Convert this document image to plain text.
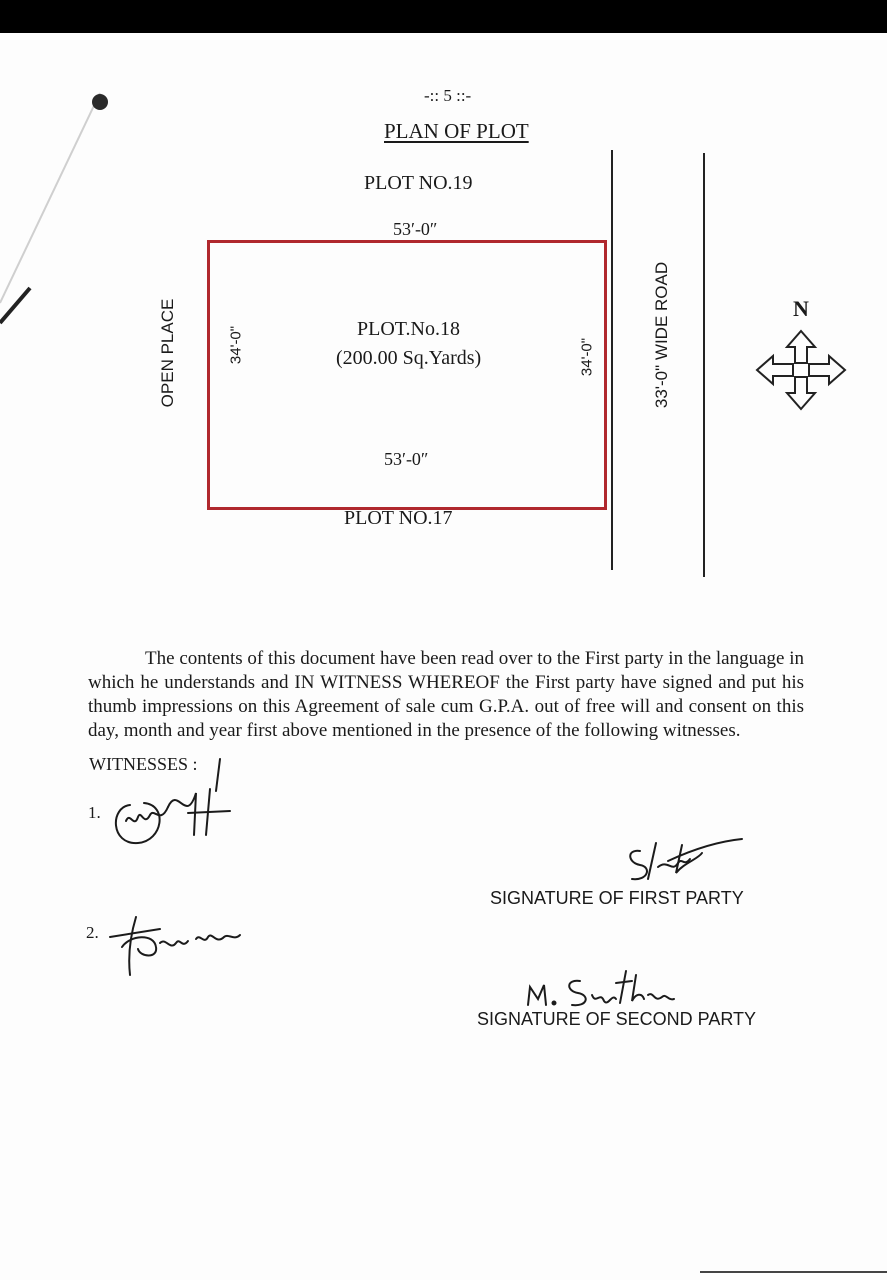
-:: 5 ::-
PLAN OF PLOT
PLOT NO.19
53′-0″
53′-0″
PLOT.No.18
(200.00 Sq.Yards)
34'-0"	34'-0"
OPEN PLACE	33'-0" WIDE ROAD
PLOT NO.17
N
The contents of this document have been read over to the First party in the language in which he understands and IN WITNESS WHEREOF the First party have signed and put his thumb impressions on this Agreement of sale cum G.P.A. out of free will and consent on this day, month and year first above mentioned in the presence of the following witnesses.
WITNESSES :
1.
2.
SIGNATURE OF FIRST PARTY
SIGNATURE OF SECOND PARTY
